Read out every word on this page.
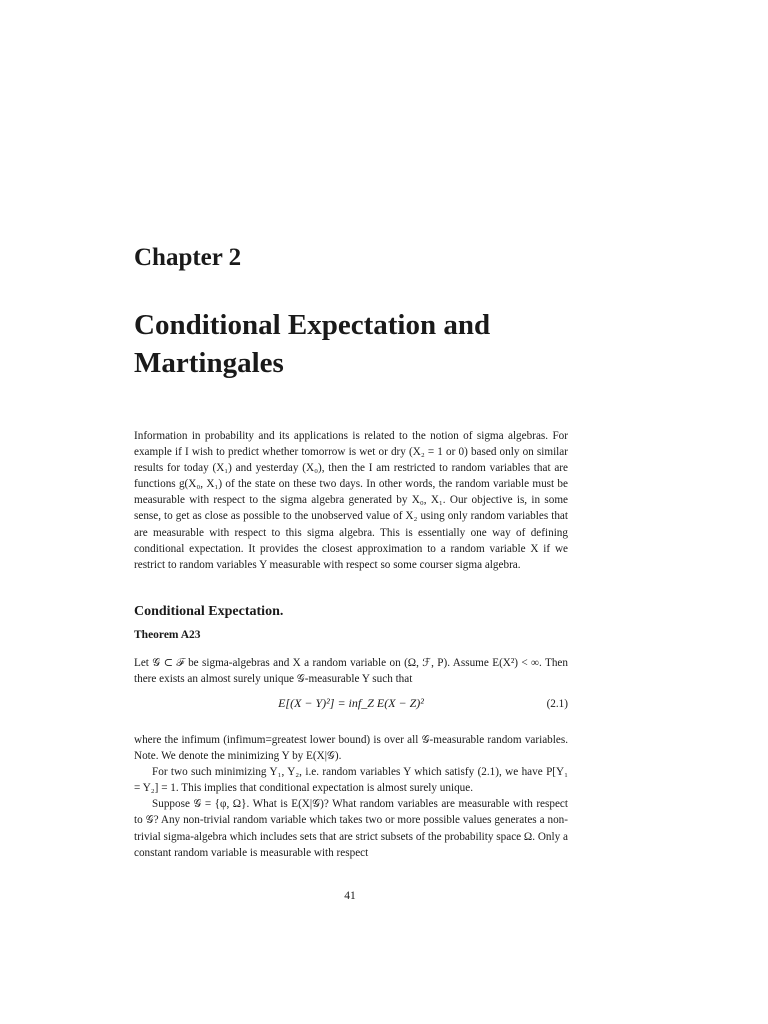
Chapter 2
Conditional Expectation and Martingales

Information in probability and its applications is related to the notion of sigma algebras. For example if I wish to predict whether tomorrow is wet or dry (X₂ = 1 or 0) based only on similar results for today (X₁) and yesterday (X₀), then the I am restricted to random variables that are functions g(X₀, X₁) of the state on these two days. In other words, the random variable must be measurable with respect to the sigma algebra generated by X₀, X₁. Our objective is, in some sense, to get as close as possible to the unobserved value of X₂ using only random variables that are measurable with respect to this sigma algebra. This is essentially one way of defining conditional expectation. It provides the closest approximation to a random variable X if we restrict to random variables Y measurable with respect so some courser sigma algebra.

Conditional Expectation.
Theorem A23

Let 𝒢 ⊂ ℱ be sigma-algebras and X a random variable on (Ω, ℱ, P). Assume E(X²) < ∞. Then there exists an almost surely unique 𝒢-measurable Y such that

E[(X − Y)²] = inf_Z E(X − Z)²	(2.1)

where the infimum (infimum=greatest lower bound) is over all 𝒢-measurable random variables. Note. We denote the minimizing Y by E(X|𝒢).

For two such minimizing Y₁, Y₂, i.e. random variables Y which satisfy (2.1), we have P[Y₁ = Y₂] = 1. This implies that conditional expectation is almost surely unique.

Suppose 𝒢 = {φ, Ω}. What is E(X|𝒢)? What random variables are measurable with respect to 𝒢? Any non-trivial random variable which takes two or more possible values generates a non-trivial sigma-algebra which includes sets that are strict subsets of the probability space Ω. Only a constant random variable is measurable with respect

41
